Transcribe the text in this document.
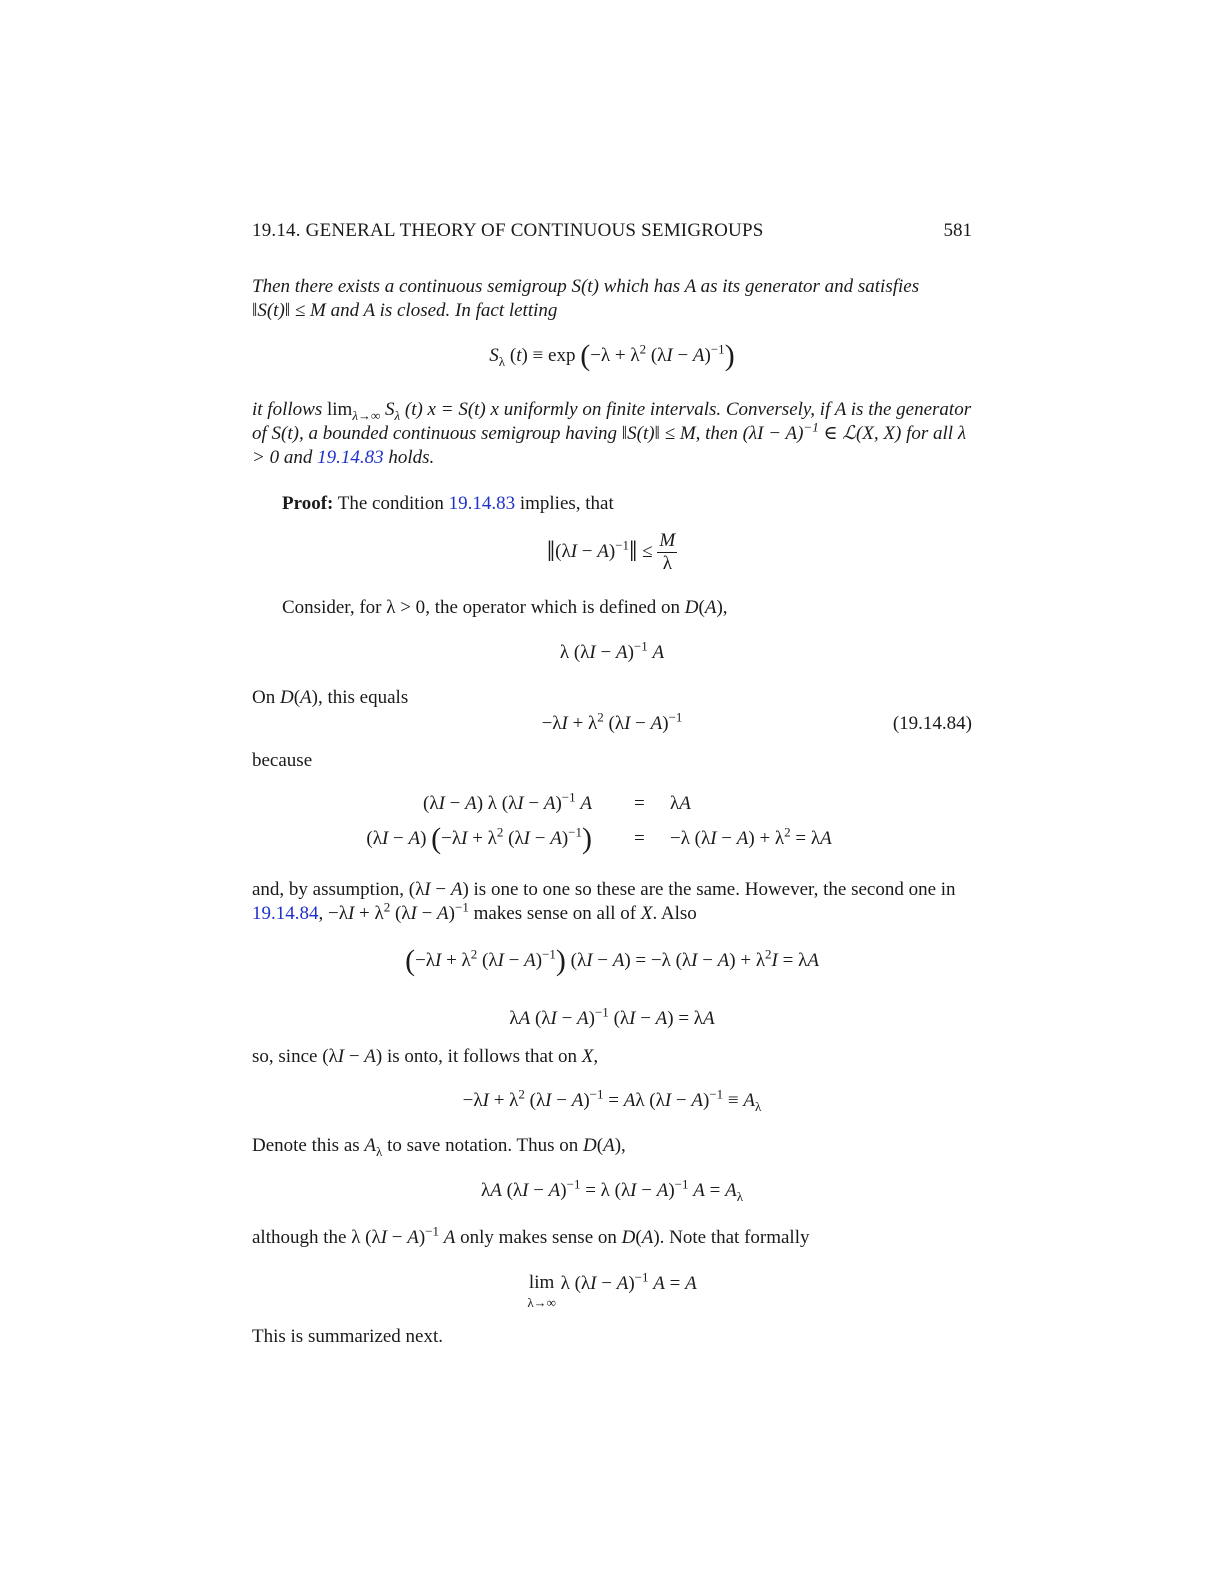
19.14. GENERAL THEORY OF CONTINUOUS SEMIGROUPS	581
Then there exists a continuous semigroup S(t) which has A as its generator and satisfies
‖S(t)‖ ≤ M and A is closed. In fact letting
$S_\lambda$ $(t) \equiv \exp (-\lambda + \lambda^2$ $(\lambda I - A)^{-1}$)
it follows $\lim_{\lambda\to\infty} S_\lambda$ (t) x = S(t) x uniformly on finite intervals. Conversely, if A is the generator of S(t), a bounded continuous semigroup having ‖S(t)‖ ≤ M, then $(\lambda I - A)^{-1}$ ∈ ℒ(X, X) for all λ > 0 and 19.14.83 holds.
Proof: The condition 19.14.83 implies, that
‖(λI − A)$^{-1}$‖ ≤ $\frac{M}{\lambda}$
Consider, for λ > 0, the operator which is defined on D(A),
λ $(\lambda I - A)^{-1}$ A
On D(A), this equals
$-\lambda I + \lambda^2$ $(\lambda I - A)^{-1}$	(19.14.84)
because
(λI − A) λ $(\lambda I - A)^{-1}$ A = λA
(λI − A) ($-\lambda I + \lambda^2$ $(\lambda I - A)^{-1}) = -\lambda$ $(\lambda I - A) + \lambda^2 = \lambda A$
and, by assumption, (λI − A) is one to one so these are the same. However, the second one in 19.14.84, $-\lambda I + \lambda^2$ $(\lambda I - A)^{-1}$ makes sense on all of X. Also
($-\lambda I + \lambda^2$ $(\lambda I - A)^{-1}$) (λI − A) = −λ $(\lambda I - A) + \lambda^2I = \lambda A$
λA $(\lambda I - A)^{-1}$ (λI − A) = λA
so, since (λI − A) is onto, it follows that on X,
$-\lambda I + \lambda^2$ $(\lambda I - A)^{-1} = A\lambda$ $(\lambda I - A)^{-1} \equiv A_\lambda$
Denote this as $A_\lambda$ to save notation. Thus on D(A),
λA $(\lambda I - A)^{-1} = \lambda$ $(\lambda I - A)^{-1}$ $A = A_\lambda$
although the λ $(\lambda I - A)^{-1}$ A only makes sense on D(A). Note that formally
lim
λ→∞
λ $(\lambda I - A)^{-1}$ A = A
This is summarized next.
